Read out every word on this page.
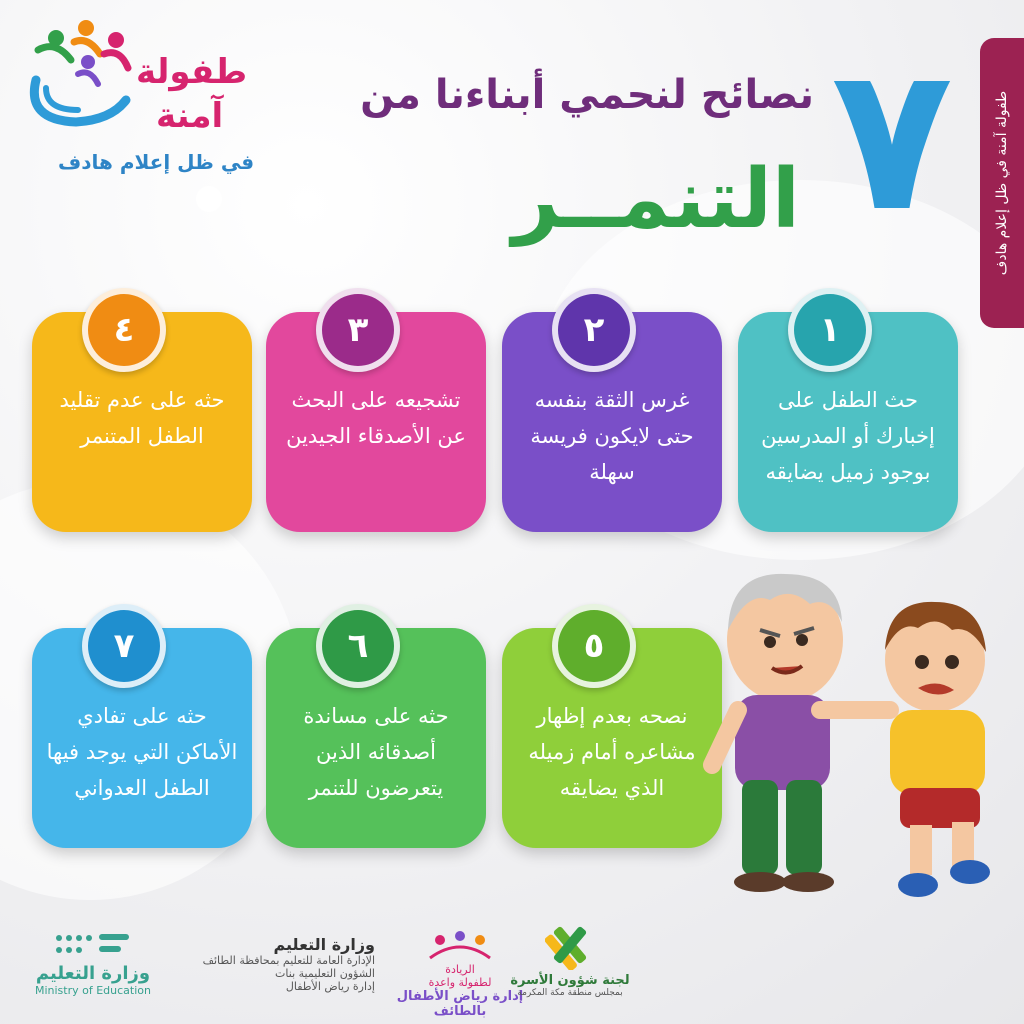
طفولة آمنة في ظل إعلام هادف
طفولة
آمنة
في ظل إعلام هادف	٧
نصائح لنحمي أبناءنا من
التنمــر
١
حث الطفل على إخبارك أو المدرسين بوجود زميل يضايقه
٢
غرس الثقة بنفسه حتى لايكون فريسة سهلة
٣
تشجيعه على البحث عن الأصدقاء الجيدين
٤
حثه على عدم تقليد الطفل المتنمر
٥
نصحه بعدم إظهار مشاعره أمام زميله الذي يضايقه
٦
حثه على مساندة أصدقائه الذين يتعرضون للتنمر
٧
حثه على تفادي الأماكن التي يوجد فيها الطفل العدواني
وزارة التعليم
Ministry of Education
وزارة التعليم
الإدارة العامة للتعليم بمحافظة الطائف
الشؤون التعليمية بنات
إدارة رياض الأطفال
الريادة
لطفولة واعدة
إدارة رياض الأطفال بالطائف
لجنة شؤون الأسرة
بمجلس منطقة مكة المكرمة
